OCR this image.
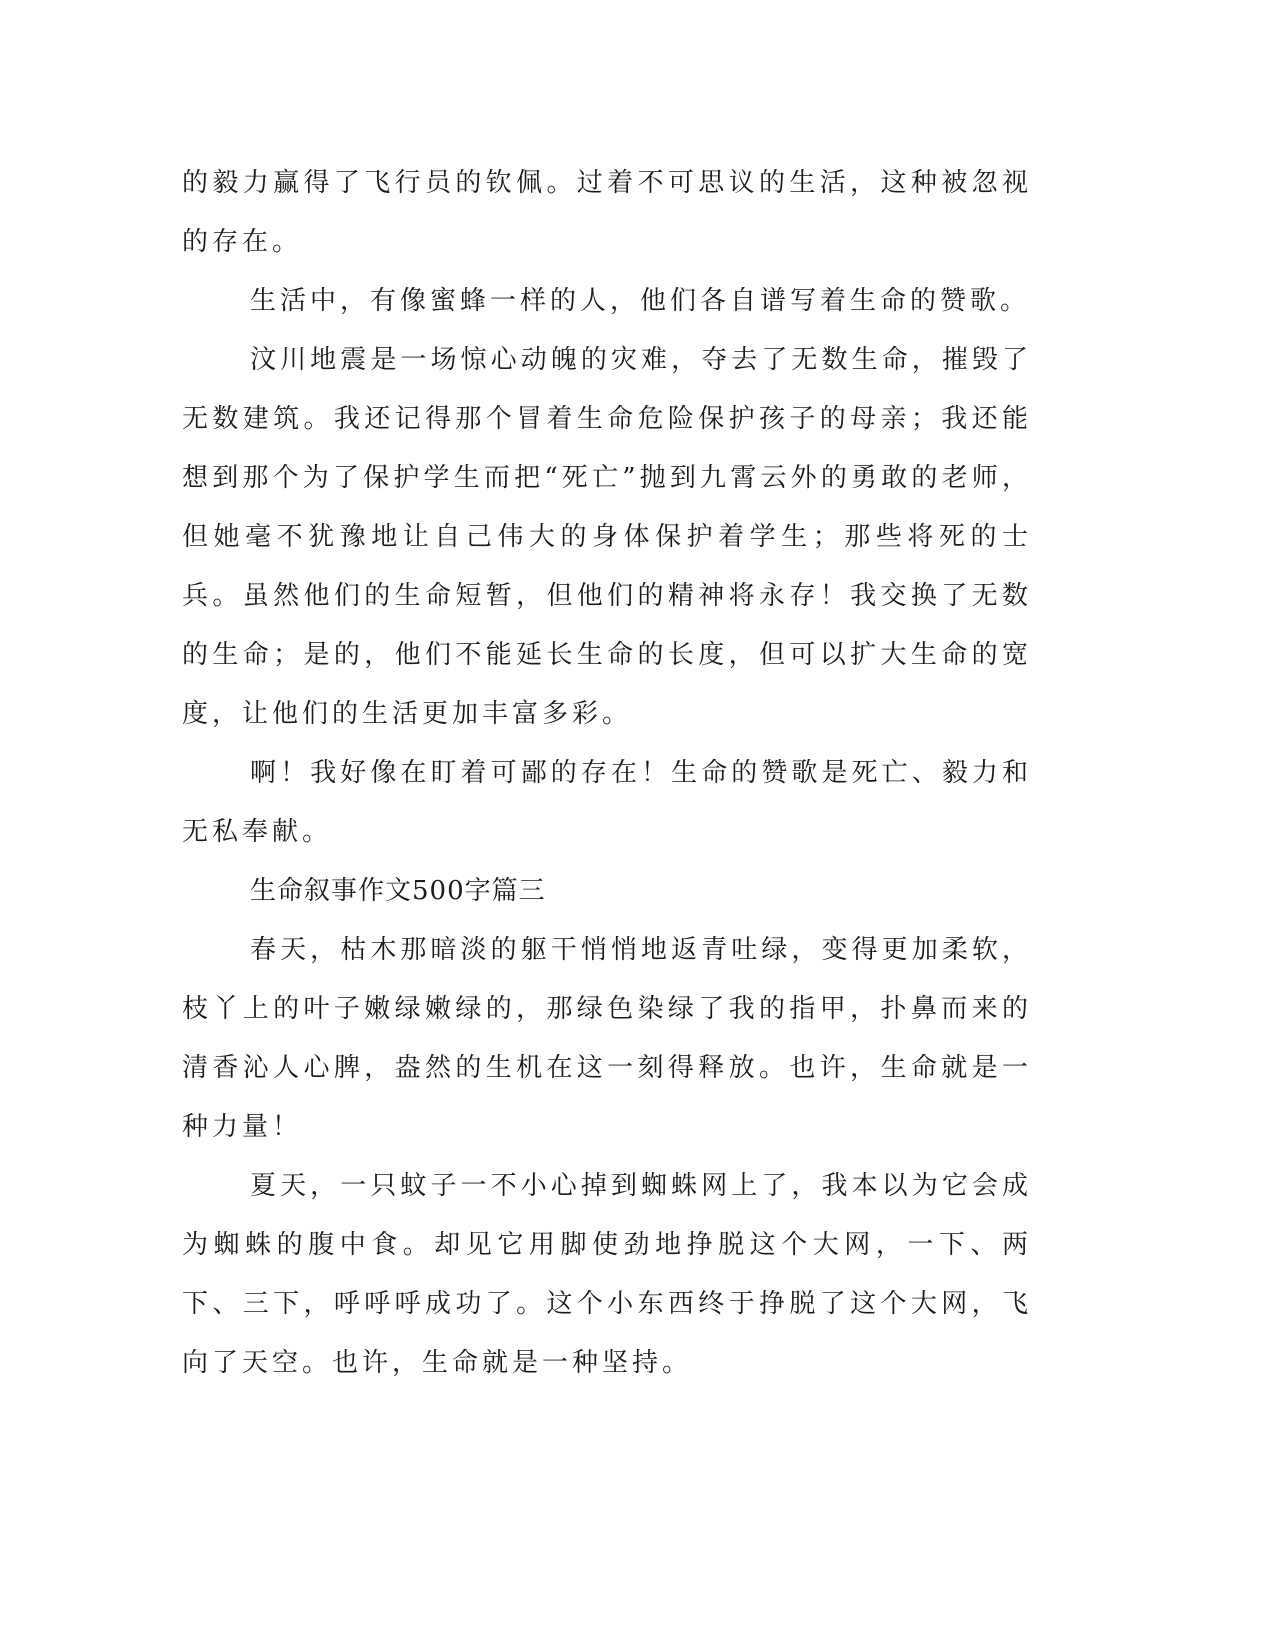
的毅力赢得了飞行员的钦佩。过着不可思议的生活，这种被忽视的存在。

生活中，有像蜜蜂一样的人，他们各自谱写着生命的赞歌。

汶川地震是一场惊心动魄的灾难，夺去了无数生命，摧毁了无数建筑。我还记得那个冒着生命危险保护孩子的母亲；我还能想到那个为了保护学生而把“死亡”抛到九霄云外的勇敢的老师，但她毫不犹豫地让自己伟大的身体保护着学生；那些将死的士兵。虽然他们的生命短暂，但他们的精神将永存！我交换了无数的生命；是的，他们不能延长生命的长度，但可以扩大生命的宽度，让他们的生活更加丰富多彩。

啊！我好像在盯着可鄙的存在！生命的赞歌是死亡、毅力和无私奉献。

生命叙事作文500字篇三

春天，枯木那暗淡的躯干悄悄地返青吐绿，变得更加柔软，枝丫上的叶子嫩绿嫩绿的，那绿色染绿了我的指甲，扑鼻而来的清香沁人心脾，盎然的生机在这一刻得释放。也许，生命就是一种力量！

夏天，一只蚊子一不小心掉到蜘蛛网上了，我本以为它会成为蜘蛛的腹中食。却见它用脚使劲地挣脱这个大网，一下、两下、三下，呼呼呼成功了。这个小东西终于挣脱了这个大网，飞向了天空。也许，生命就是一种坚持。
